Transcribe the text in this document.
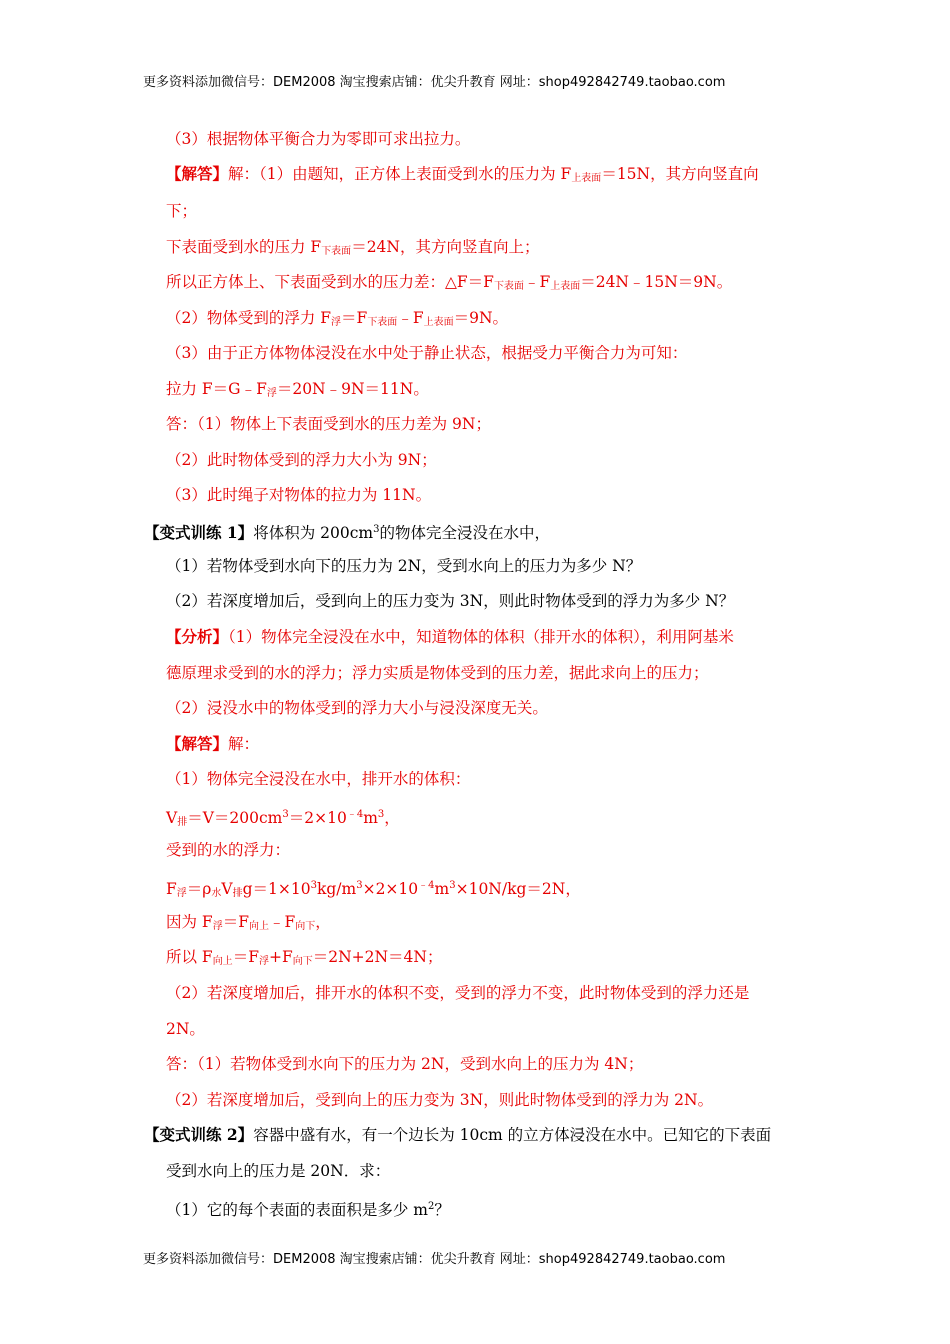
更多资料添加微信号：DEM2008 淘宝搜索店铺：优尖升教育 网址：shop492842749.taobao.com
（3）根据物体平衡合力为零即可求出拉力。
【解答】解：（1）由题知，正方体上表面受到水的压力为 $F_{上表面}=15N$，其方向竖直向
下；
下表面受到水的压力 $F_{下表面}=24N$，其方向竖直向上；
所以正方体上、下表面受到水的压力差：$\triangle F=F_{下表面}﹣F_{上表面}=24N﹣15N=9N$。
（2）物体受到的浮力 $F_浮=F_{下表面}﹣F_{上表面}=9N$。
（3）由于正方体物体浸没在水中处于静止状态，根据受力平衡合力为可知：
拉力 $F=G﹣F_浮=20N﹣9N=11N$。
答：（1）物体上下表面受到水的压力差为 9N；
（2）此时物体受到的浮力大小为 9N；
（3）此时绳子对物体的拉力为 11N。
【变式训练 1】将体积为 $200cm^3$的物体完全浸没在水中，
（1）若物体受到水向下的压力为 2N，受到水向上的压力为多少 N？
（2）若深度增加后，受到向上的压力变为 3N，则此时物体受到的浮力为多少 N？
【分析】（1）物体完全浸没在水中，知道物体的体积（排开水的体积），利用阿基米
德原理求受到的水的浮力；浮力实质是物体受到的压力差，据此求向上的压力；
（2）浸没水中的物体受到的浮力大小与浸没深度无关。
【解答】解：
（1）物体完全浸没在水中，排开水的体积：
$V_排=V=200cm^3=2\times 10^{﹣4}m^3$，
受到的水的浮力：
$F_浮=\rho_水V_排g=1\times 10^3kg/m^3\times 2\times 10^{﹣4}m^3\times 10N/kg=2N$，
因为 $F_浮=F_{向上}﹣F_{向下}$，
所以 $F_{向上}=F_浮+F_{向下}=2N+2N=4N$；
（2）若深度增加后，排开水的体积不变，受到的浮力不变，此时物体受到的浮力还是
2N。
答：（1）若物体受到水向下的压力为 2N，受到水向上的压力为 4N；
（2）若深度增加后，受到向上的压力变为 3N，则此时物体受到的浮力为 2N。
【变式训练 2】容器中盛有水，有一个边长为 10cm 的立方体浸没在水中。已知它的下表面
受到水向上的压力是 20N．求：
（1）它的每个表面的表面积是多少 $m^2$？
更多资料添加微信号：DEM2008 淘宝搜索店铺：优尖升教育 网址：shop492842749.taobao.com
